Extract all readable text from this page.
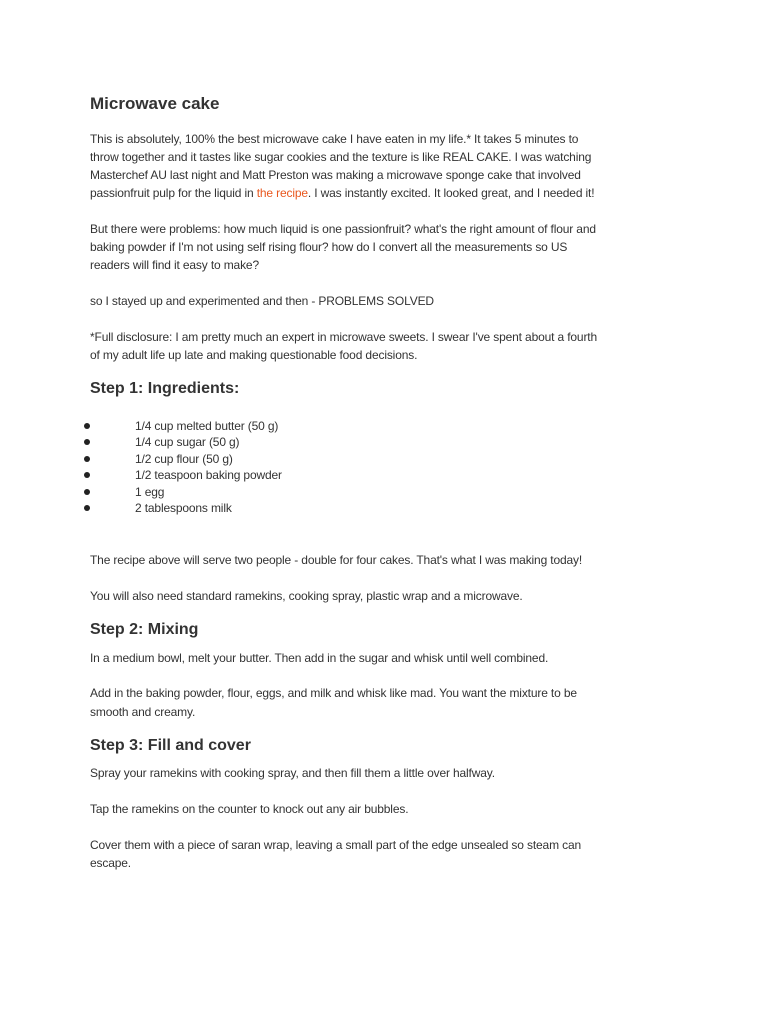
Microwave cake
This is absolutely, 100% the best microwave cake I have eaten in my life.* It takes 5 minutes to
throw together and it tastes like sugar cookies and the texture is like REAL CAKE. I was watching
Masterchef AU last night and Matt Preston was making a microwave sponge cake that involved
passionfruit pulp for the liquid in the recipe. I was instantly excited. It looked great, and I needed it!
But there were problems: how much liquid is one passionfruit? what's the right amount of flour and
baking powder if I'm not using self rising flour? how do I convert all the measurements so US
readers will find it easy to make?
so I stayed up and experimented and then - PROBLEMS SOLVED
*Full disclosure: I am pretty much an expert in microwave sweets. I swear I've spent about a fourth
of my adult life up late and making questionable food decisions.
Step 1: Ingredients:
1/4 cup melted butter (50 g)
1/4 cup sugar (50 g)
1/2 cup flour (50 g)
1/2 teaspoon baking powder
1 egg
2 tablespoons milk
The recipe above will serve two people - double for four cakes. That's what I was making today!
You will also need standard ramekins, cooking spray, plastic wrap and a microwave.
Step 2: Mixing
In a medium bowl, melt your butter. Then add in the sugar and whisk until well combined.
Add in the baking powder, flour, eggs, and milk and whisk like mad. You want the mixture to be
smooth and creamy.
Step 3: Fill and cover
Spray your ramekins with cooking spray, and then fill them a little over halfway.
Tap the ramekins on the counter to knock out any air bubbles.
Cover them with a piece of saran wrap, leaving a small part of the edge unsealed so steam can
escape.
